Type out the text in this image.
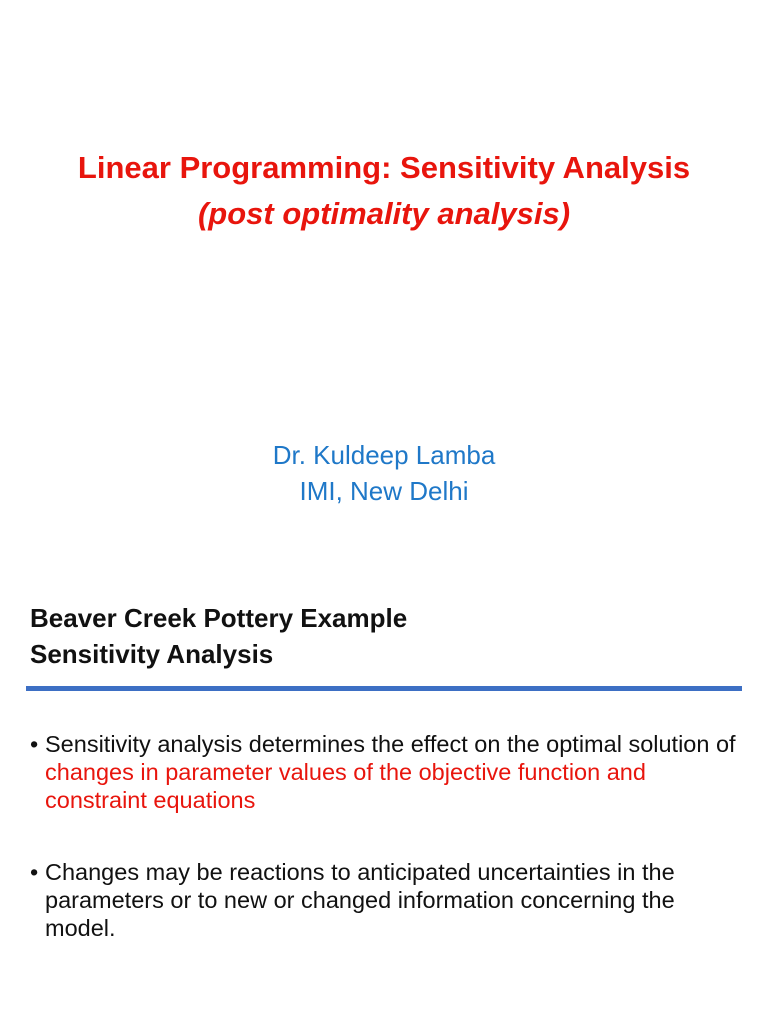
Linear Programming: Sensitivity Analysis
(post optimality analysis)
Dr. Kuldeep Lamba
IMI, New Delhi
Beaver Creek Pottery Example
Sensitivity Analysis
• Sensitivity analysis determines the effect on the optimal solution of changes in parameter values of the objective function and constraint equations
• Changes may be reactions to anticipated uncertainties in the parameters or to new or changed information concerning the model.
